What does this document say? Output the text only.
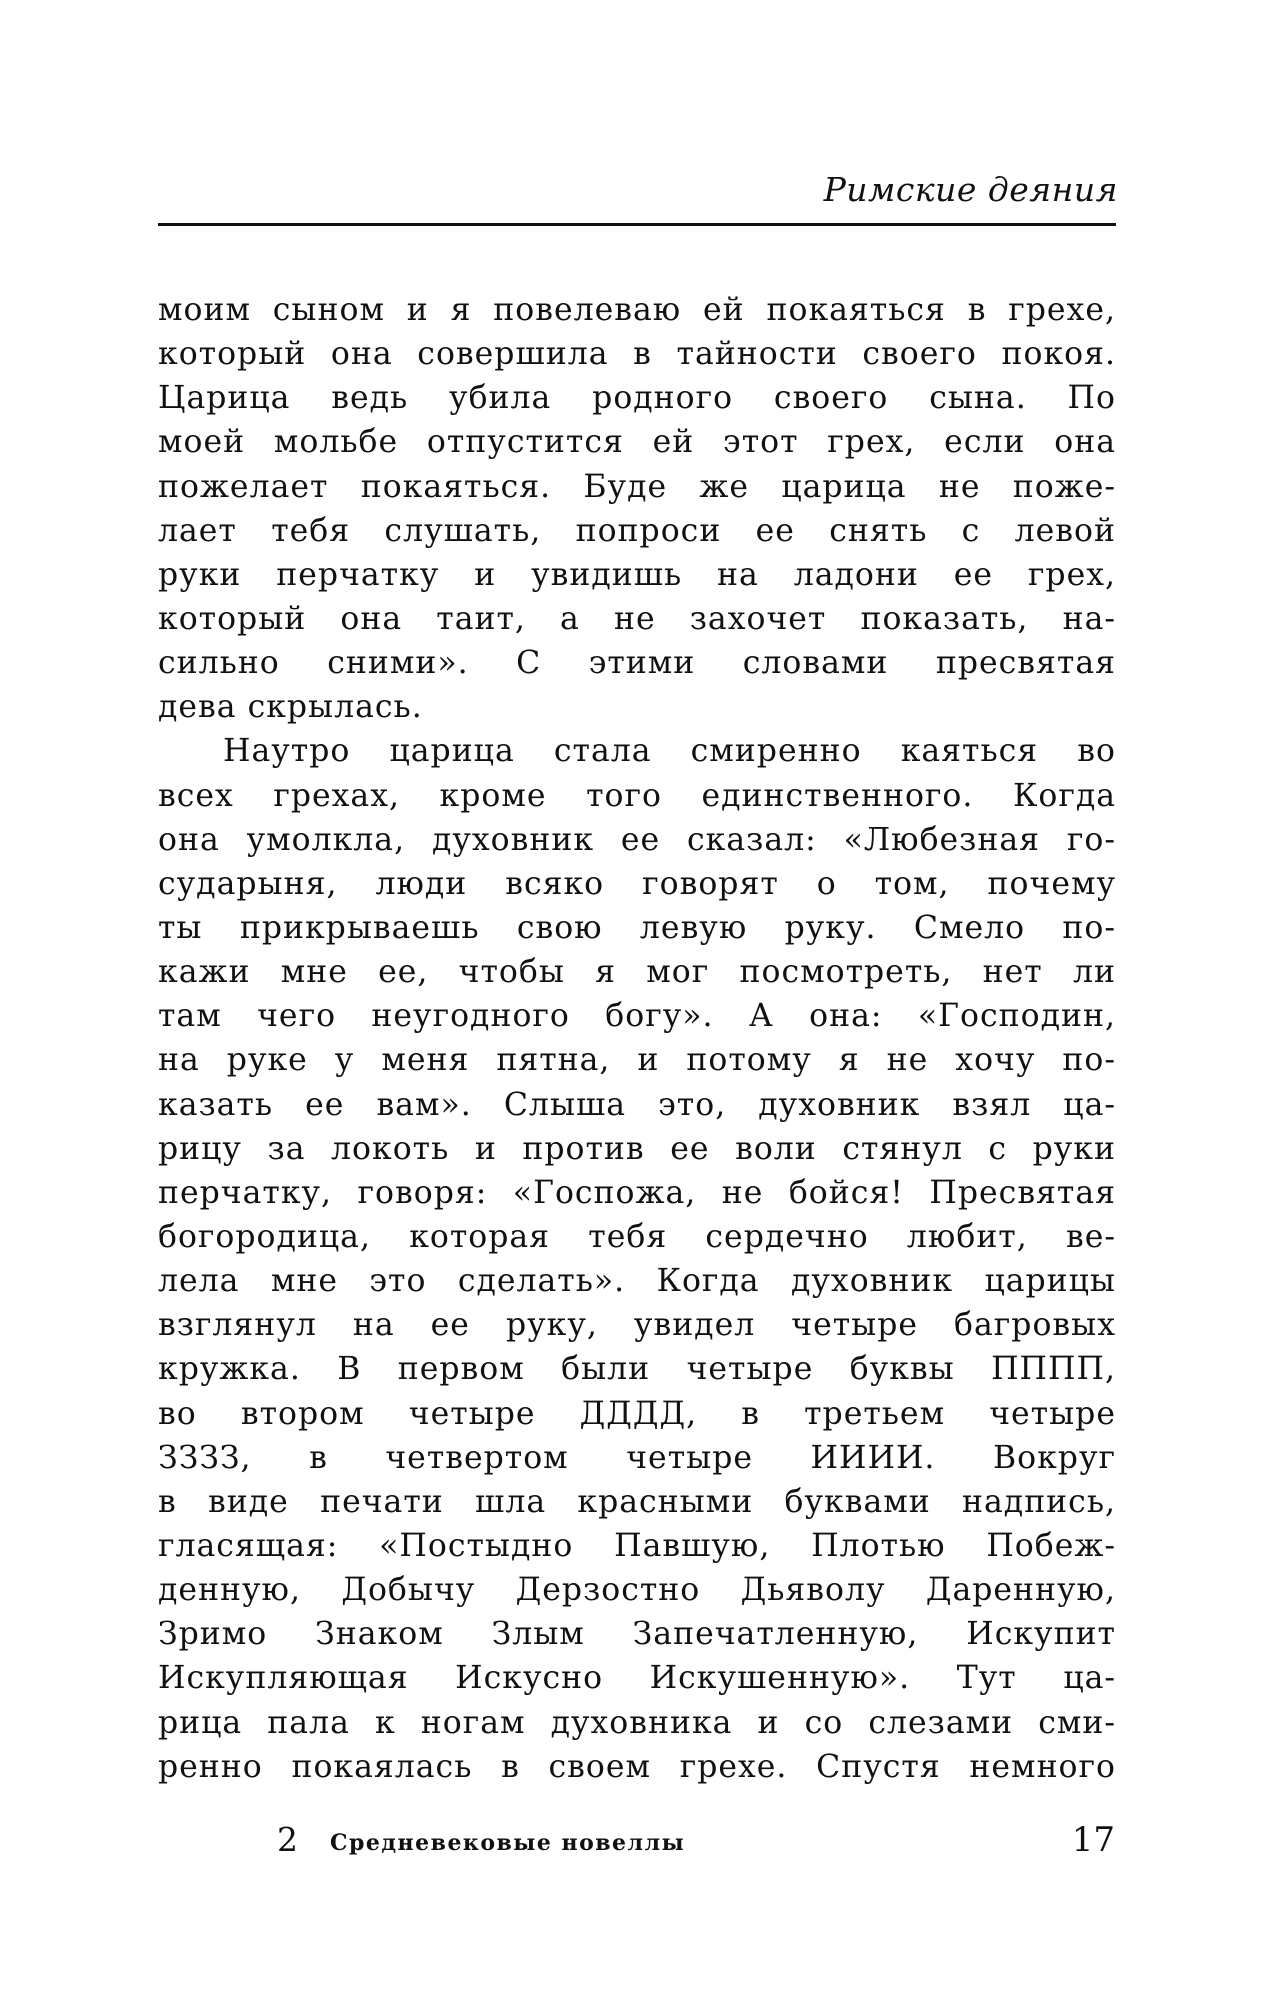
Римские деяния
моим сыном и я повелеваю ей покаяться в грехе,
который она совершила в тайности своего покоя.
Царица ведь убила родного своего сына. По
моей мольбе отпустится ей этот грех, если она
пожелает покаяться. Буде же царица не поже-
лает тебя слушать, попроси ее снять с левой
руки перчатку и увидишь на ладони ее грех,
который она таит, а не захочет показать, на-
сильно сними». С этими словами пресвятая
дева скрылась.
Наутро царица стала смиренно каяться во
всех грехах, кроме того единственного. Когда
она умолкла, духовник ее сказал: «Любезная го-
сударыня, люди всяко говорят о том, почему
ты прикрываешь свою левую руку. Смело по-
кажи мне ее, чтобы я мог посмотреть, нет ли
там чего неугодного богу». А она: «Господин,
на руке у меня пятна, и потому я не хочу по-
казать ее вам». Слыша это, духовник взял ца-
рицу за локоть и против ее воли стянул с руки
перчатку, говоря: «Госпожа, не бойся! Пресвятая
богородица, которая тебя сердечно любит, ве-
лела мне это сделать». Когда духовник царицы
взглянул на ее руку, увидел четыре багровых
кружка. В первом были четыре буквы ПППП,
во втором четыре ДДДД, в третьем четыре
ЗЗЗЗ, в четвертом четыре ИИИИ. Вокруг
в виде печати шла красными буквами надпись,
гласящая: «Постыдно Павшую, Плотью Побеж-
денную, Добычу Дерзостно Дьяволу Даренную,
Зримо Знаком Злым Запечатленную, Искупит
Искупляющая Искусно Искушенную». Тут ца-
рица пала к ногам духовника и со слезами сми-
ренно покаялась в своем грехе. Спустя немного
2 Средневековые новеллы	17
